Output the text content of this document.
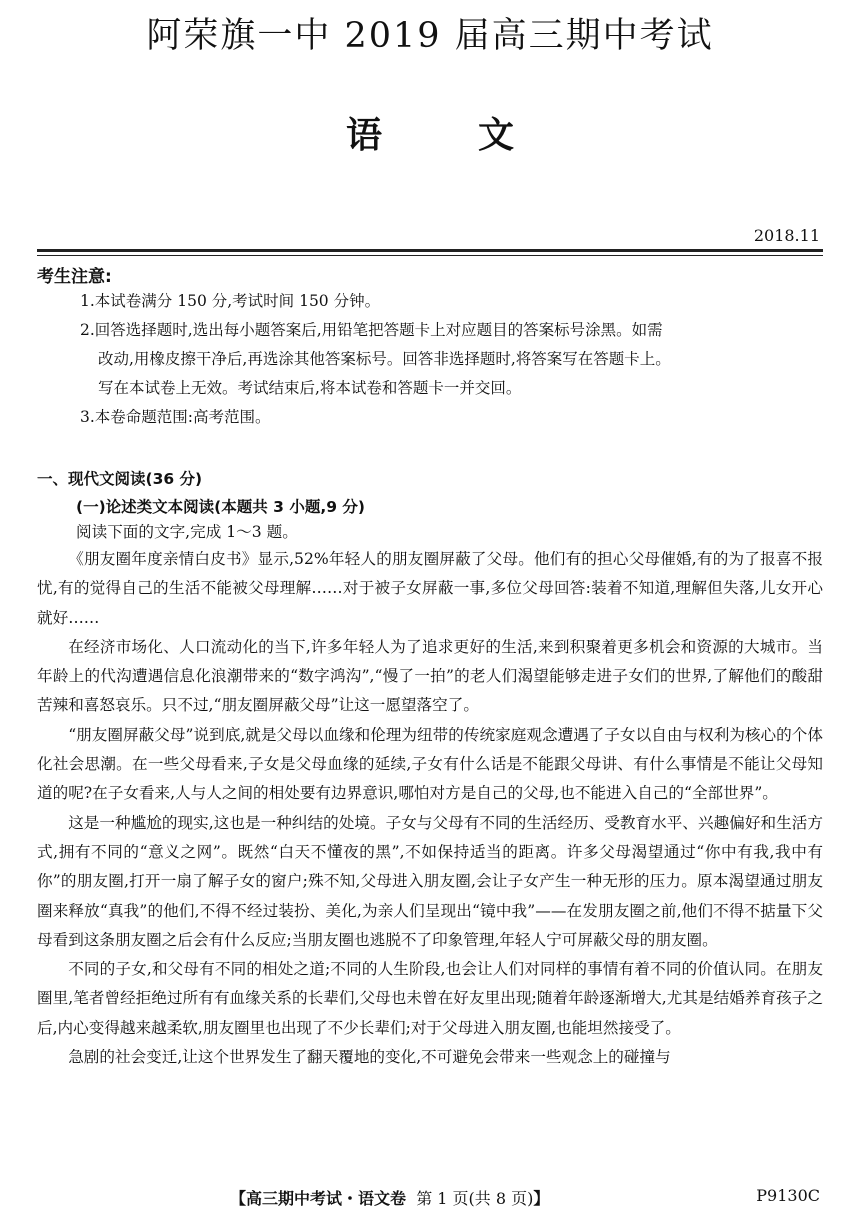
阿荣旗一中 2019 届高三期中考试
语	文
2018.11
考生注意:
1.本试卷满分 150 分,考试时间 150 分钟。
2.回答选择题时,选出每小题答案后,用铅笔把答题卡上对应题目的答案标号涂黑。如需
改动,用橡皮擦干净后,再选涂其他答案标号。回答非选择题时,将答案写在答题卡上。
写在本试卷上无效。考试结束后,将本试卷和答题卡一并交回。
3.本卷命题范围:高考范围。
一、现代文阅读(36 分)
(一)论述类文本阅读(本题共 3 小题,9 分)
阅读下面的文字,完成 1～3 题。

《朋友圈年度亲情白皮书》显示,52%年轻人的朋友圈屏蔽了父母。他们有的担心父母催婚,有的为了报喜不报忧,有的觉得自己的生活不能被父母理解……对于被子女屏蔽一事,多位父母回答:装着不知道,理解但失落,儿女开心就好……

在经济市场化、人口流动化的当下,许多年轻人为了追求更好的生活,来到积聚着更多机会和资源的大城市。当年龄上的代沟遭遇信息化浪潮带来的“数字鸿沟”,“慢了一拍”的老人们渴望能够走进子女们的世界,了解他们的酸甜苦辣和喜怒哀乐。只不过,“朋友圈屏蔽父母”让这一愿望落空了。

“朋友圈屏蔽父母”说到底,就是父母以血缘和伦理为纽带的传统家庭观念遭遇了子女以自由与权利为核心的个体化社会思潮。在一些父母看来,子女是父母血缘的延续,子女有什么话是不能跟父母讲、有什么事情是不能让父母知道的呢?在子女看来,人与人之间的相处要有边界意识,哪怕对方是自己的父母,也不能进入自己的“全部世界”。

这是一种尴尬的现实,这也是一种纠结的处境。子女与父母有不同的生活经历、受教育水平、兴趣偏好和生活方式,拥有不同的“意义之网”。既然“白天不懂夜的黑”,不如保持适当的距离。许多父母渴望通过“你中有我,我中有你”的朋友圈,打开一扇了解子女的窗户;殊不知,父母进入朋友圈,会让子女产生一种无形的压力。原本渴望通过朋友圈来释放“真我”的他们,不得不经过装扮、美化,为亲人们呈现出“镜中我”——在发朋友圈之前,他们不得不掂量下父母看到这条朋友圈之后会有什么反应;当朋友圈也逃脱不了印象管理,年轻人宁可屏蔽父母的朋友圈。

不同的子女,和父母有不同的相处之道;不同的人生阶段,也会让人们对同样的事情有着不同的价值认同。在朋友圈里,笔者曾经拒绝过所有有血缘关系的长辈们,父母也未曾在好友里出现;随着年龄逐渐增大,尤其是结婚养育孩子之后,内心变得越来越柔软,朋友圈里也出现了不少长辈们;对于父母进入朋友圈,也能坦然接受了。

急剧的社会变迁,让这个世界发生了翻天覆地的变化,不可避免会带来一些观念上的碰撞与

【高三期中考试・语文卷 第 1 页(共 8 页)】	P9130C
